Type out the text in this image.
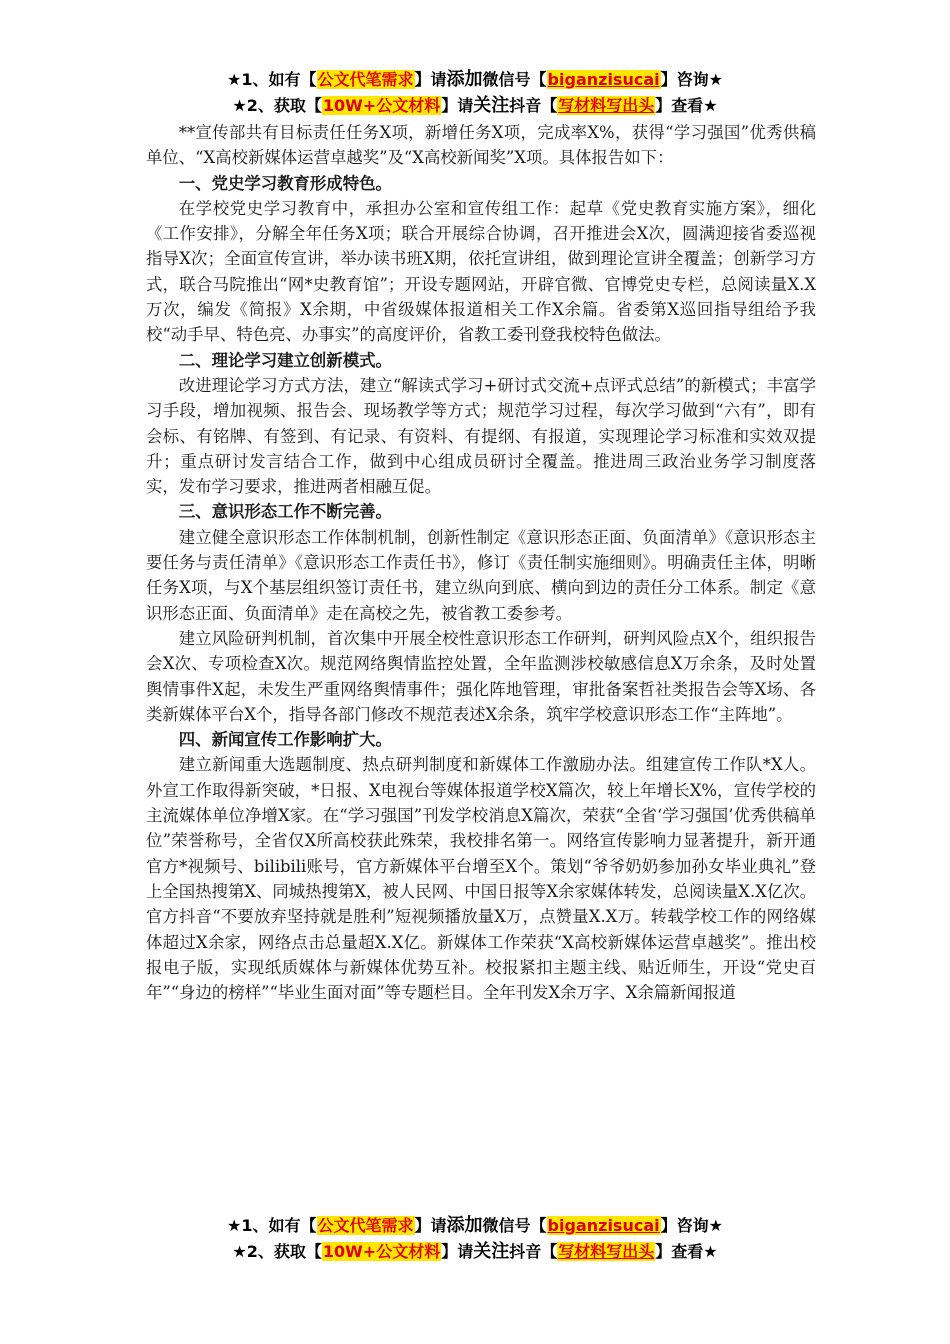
★1、如有【公文代笔需求】请添加微信号【biganzisucai】咨询★
★2、获取【10W+公文材料】请关注抖音【写材料写出头】查看★

**宣传部共有目标责任任务X项，新增任务X项，完成率X%，获得“学习强国”优秀供稿单位、“X高校新媒体运营卓越奖”及“X高校新闻奖”X项。具体报告如下：

一、党史学习教育形成特色。

在学校党史学习教育中，承担办公室和宣传组工作：起草《党史教育实施方案》，细化《工作安排》，分解全年任务X项；联合开展综合协调，召开推进会X次，圆满迎接省委巡视指导X次；全面宣传宣讲，举办读书班X期，依托宣讲组，做到理论宣讲全覆盖；创新学习方式，联合马院推出“网*史教育馆”；开设专题网站，开辟官微、官博党史专栏，总阅读量X.X万次，编发《简报》X余期，中省级媒体报道相关工作X余篇。省委第X巡回指导组给予我校“动手早、特色亮、办事实”的高度评价，省教工委刊登我校特色做法。

二、理论学习建立创新模式。

改进理论学习方式方法，建立“解读式学习+研讨式交流+点评式总结”的新模式；丰富学习手段，增加视频、报告会、现场教学等方式；规范学习过程，每次学习做到“六有”，即有会标、有铭牌、有签到、有记录、有资料、有提纲、有报道，实现理论学习标准和实效双提升；重点研讨发言结合工作，做到中心组成员研讨全覆盖。推进周三政治业务学习制度落实，发布学习要求，推进两者相融互促。

三、意识形态工作不断完善。

建立健全意识形态工作体制机制，创新性制定《意识形态正面、负面清单》《意识形态主要任务与责任清单》《意识形态工作责任书》，修订《责任制实施细则》。明确责任主体，明晰任务X项，与X个基层组织签订责任书，建立纵向到底、横向到边的责任分工体系。制定《意识形态正面、负面清单》走在高校之先，被省教工委参考。

建立风险研判机制，首次集中开展全校性意识形态工作研判，研判风险点X个，组织报告会X次、专项检查X次。规范网络舆情监控处置，全年监测涉校敏感信息X万余条，及时处置舆情事件X起，未发生严重网络舆情事件；强化阵地管理，审批备案哲社类报告会等X场、各类新媒体平台X个，指导各部门修改不规范表述X余条，筑牢学校意识形态工作“主阵地”。

四、新闻宣传工作影响扩大。

建立新闻重大选题制度、热点研判制度和新媒体工作激励办法。组建宣传工作队*X人。外宣工作取得新突破，*日报、X电视台等媒体报道学校X篇次，较上年增长X%，宣传学校的主流媒体单位净增X家。在“学习强国”刊发学校消息X篇次，荣获“全省‘学习强国’优秀供稿单位”荣誉称号，全省仅X所高校获此殊荣，我校排名第一。网络宣传影响力显著提升，新开通官方*视频号、bilibili账号，官方新媒体平台增至X个。策划“爷爷奶奶参加孙女毕业典礼”登上全国热搜第X、同城热搜第X，被人民网、中国日报等X余家媒体转发，总阅读量X.X亿次。官方抖音“不要放弃坚持就是胜利”短视频播放量X万，点赞量X.X万。转载学校工作的网络媒体超过X余家，网络点击总量超X.X亿。新媒体工作荣获“X高校新媒体运营卓越奖”。推出校报电子版，实现纸质媒体与新媒体优势互补。校报紧扣主题主线、贴近师生，开设“党史百年”“身边的榜样”“毕业生面对面”等专题栏目。全年刊发X余万字、X余篇新闻报道

★1、如有【公文代笔需求】请添加微信号【biganzisucai】咨询★
★2、获取【10W+公文材料】请关注抖音【写材料写出头】查看★
